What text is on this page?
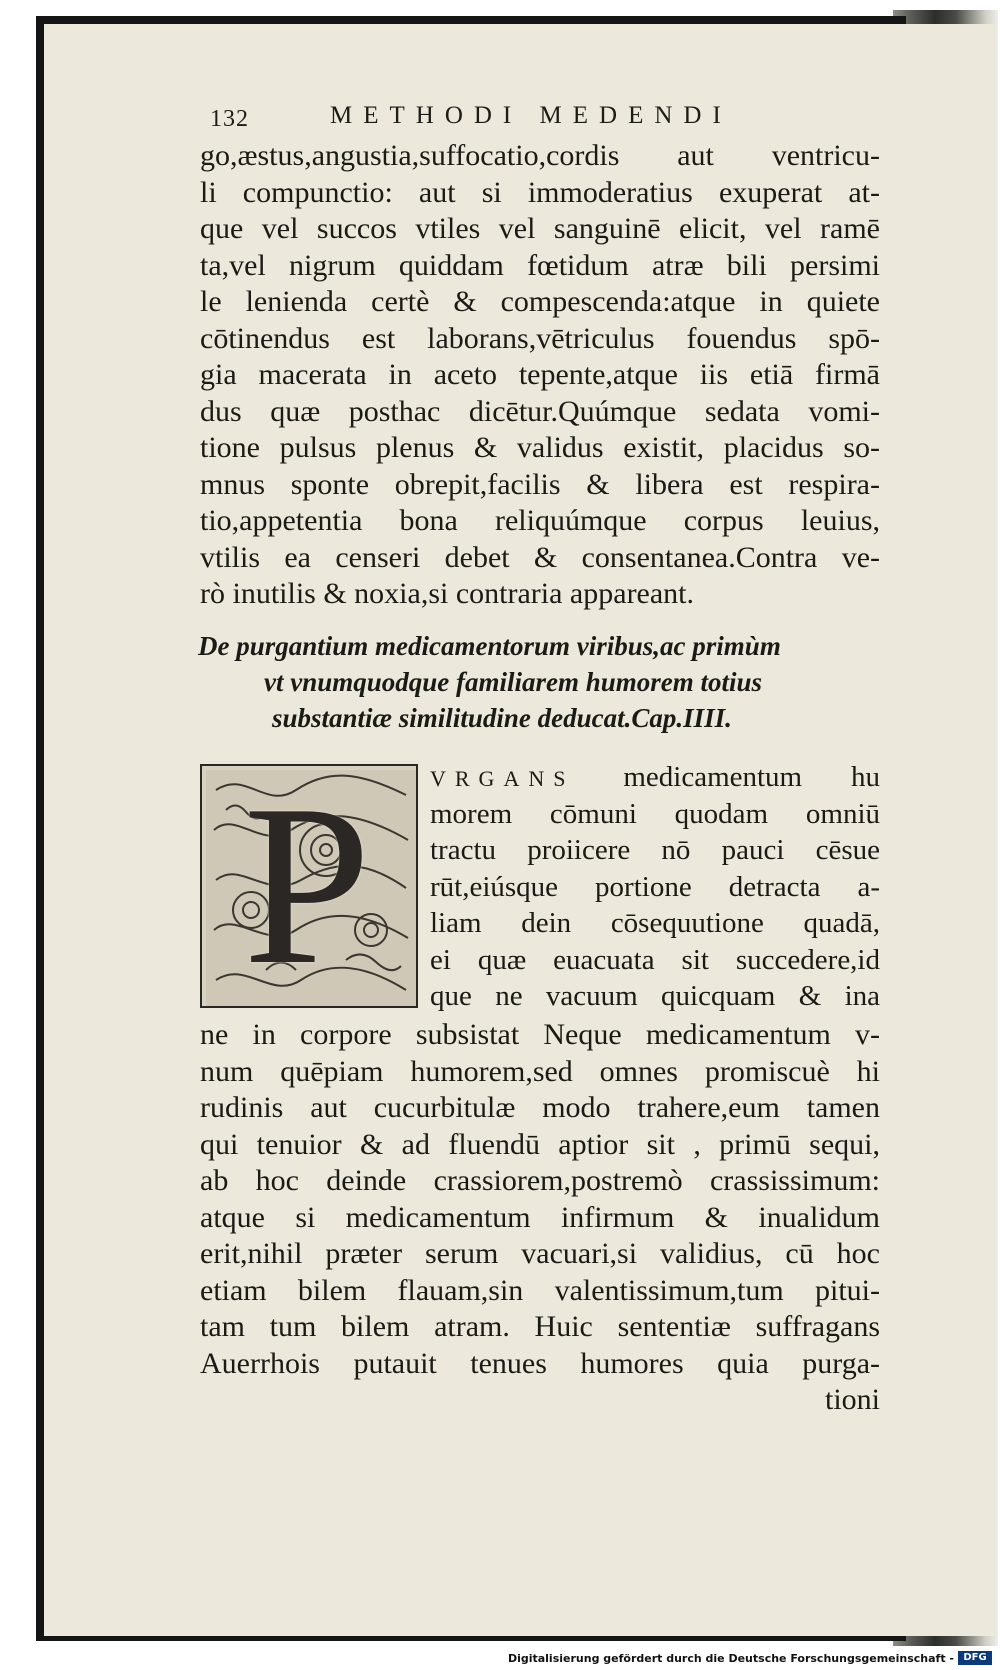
132	METHODI MEDENDI
go,æstus,angustia,suffocatio,cordis aut ventricu-
li compunctio: aut si immoderatius exuperat at-
que vel succos vtiles vel sanguinē elicit, vel ramē
ta,vel nigrum quiddam fœtidum atræ bili persimi
le lenienda certè & compescenda:atque in quiete
cōtinendus est laborans,vētriculus fouendus spō-
gia macerata in aceto tepente,atque iis etiā firmā
dus quæ posthac dicētur.Quúmque sedata vomi-
tione pulsus plenus & validus existit, placidus so-
mnus sponte obrepit,facilis & libera est respira-
tio,appetentia bona reliquúmque corpus leuius,
vtilis ea censeri debet & consentanea.Contra ve-
rò inutilis & noxia,si contraria appareant.
De purgantium medicamentorum viribus,ac primùm
vt vnumquodque familiarem humorem totius
substantiæ similitudine deducat.Cap.IIII.
P	VRGANS medicamentum hu
morem cōmuni quodam omniū
tractu proiicere nō pauci cēsue
rūt,eiúsque portione detracta a-
liam dein cōsequutione quadā,
ei quæ euacuata sit succedere,id
que ne vacuum quicquam & ina
ne in corpore subsistat Neque medicamentum v-
num quēpiam humorem,sed omnes promiscuè hi
rudinis aut cucurbitulæ modo trahere,eum tamen
qui tenuior & ad fluendū aptior sit , primū sequi,
ab hoc deinde crassiorem,postremò crassissimum:
atque si medicamentum infirmum & inualidum
erit,nihil præter serum vacuari,si validius, cū hoc
etiam bilem flauam,sin valentissimum,tum pitui-
tam tum bilem atram. Huic sententiæ suffragans
Auerrhois putauit tenues humores quia purga-
tioni
Digitalisierung gefördert durch die Deutsche Forschungsgemeinschaft - DFG
